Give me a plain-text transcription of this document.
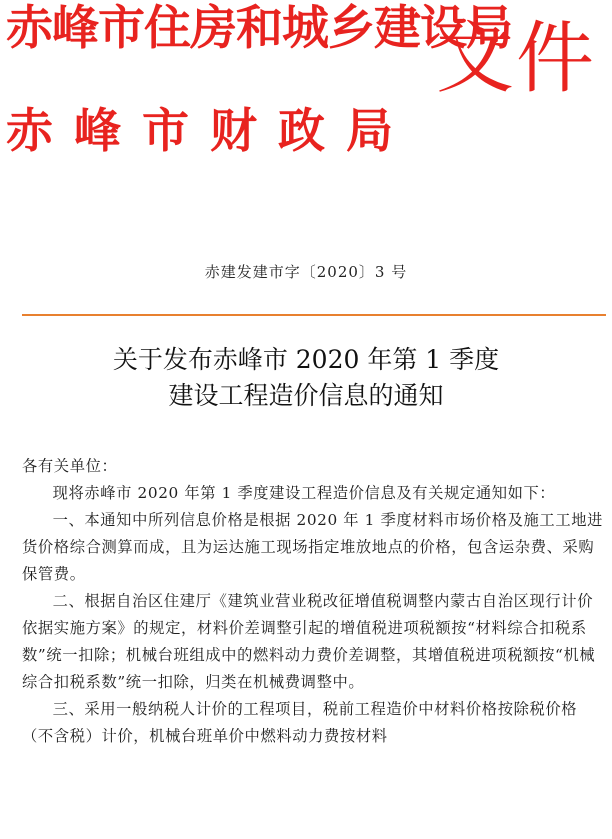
赤峰市住房和城乡建设局
赤峰市财政局
文件
赤建发建市字〔2020〕3 号
关于发布赤峰市 2020 年第 1 季度
建设工程造价信息的通知

各有关单位：

现将赤峰市 2020 年第 1 季度建设工程造价信息及有关规定通知如下：

一、本通知中所列信息价格是根据 2020 年 1 季度材料市场价格及施工工地进货价格综合测算而成，且为运达施工现场指定堆放地点的价格，包含运杂费、采购保管费。

二、根据自治区住建厅《建筑业营业税改征增值税调整内蒙古自治区现行计价依据实施方案》的规定，材料价差调整引起的增值税进项税额按“材料综合扣税系数”统一扣除；机械台班组成中的燃料动力费价差调整，其增值税进项税额按“机械综合扣税系数”统一扣除，归类在机械费调整中。

三、采用一般纳税人计价的工程项目，税前工程造价中材料价格按除税价格（不含税）计价，机械台班单价中燃料动力费按材料
